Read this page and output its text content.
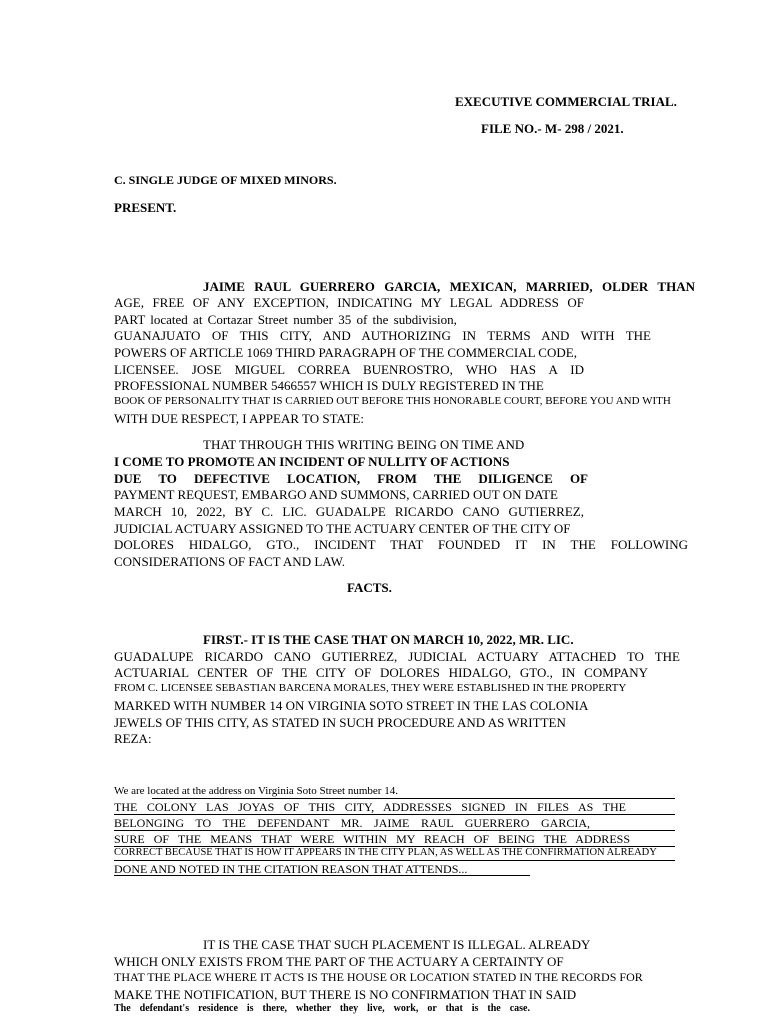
EXECUTIVE COMMERCIAL TRIAL.
FILE NO.- M- 298 / 2021.
C. SINGLE JUDGE OF MIXED MINORS.
PRESENT.
JAIME RAUL GUERRERO GARCIA, MEXICAN, MARRIED, OLDER THAN
AGE, FREE OF ANY EXCEPTION, INDICATING MY LEGAL ADDRESS OF
PART located at Cortazar Street number 35 of the subdivision,
GUANAJUATO OF THIS CITY, AND AUTHORIZING IN TERMS AND WITH THE
POWERS OF ARTICLE 1069 THIRD PARAGRAPH OF THE COMMERCIAL CODE,
LICENSEE. JOSE MIGUEL CORREA BUENROSTRO, WHO HAS A ID
PROFESSIONAL NUMBER 5466557 WHICH IS DULY REGISTERED IN THE
BOOK OF PERSONALITY THAT IS CARRIED OUT BEFORE THIS HONORABLE COURT, BEFORE YOU AND WITH
WITH DUE RESPECT, I APPEAR TO STATE:
THAT THROUGH THIS WRITING BEING ON TIME AND
I COME TO PROMOTE AN INCIDENT OF NULLITY OF ACTIONS
DUE TO DEFECTIVE LOCATION, FROM THE DILIGENCE OF
PAYMENT REQUEST, EMBARGO AND SUMMONS, CARRIED OUT ON DATE
MARCH 10, 2022, BY C. LIC. GUADALPE RICARDO CANO GUTIERREZ,
JUDICIAL ACTUARY ASSIGNED TO THE ACTUARY CENTER OF THE CITY OF
DOLORES HIDALGO, GTO., INCIDENT THAT FOUNDED IT IN THE FOLLOWING
CONSIDERATIONS OF FACT AND LAW.
FACTS.
FIRST.- IT IS THE CASE THAT ON MARCH 10, 2022, MR. LIC.
GUADALUPE RICARDO CANO GUTIERREZ, JUDICIAL ACTUARY ATTACHED TO THE
ACTUARIAL CENTER OF THE CITY OF DOLORES HIDALGO, GTO., IN COMPANY
FROM C. LICENSEE SEBASTIAN BARCENA MORALES, THEY WERE ESTABLISHED IN THE PROPERTY
MARKED WITH NUMBER 14 ON VIRGINIA SOTO STREET IN THE LAS COLONIA
JEWELS OF THIS CITY, AS STATED IN SUCH PROCEDURE AND AS WRITTEN
REZA:
We are located at the address on Virginia Soto Street number 14.
THE COLONY LAS JOYAS OF THIS CITY, ADDRESSES SIGNED IN FILES AS THE
BELONGING TO THE DEFENDANT MR. JAIME RAUL GUERRERO GARCIA,
SURE OF THE MEANS THAT WERE WITHIN MY REACH OF BEING THE ADDRESS
CORRECT BECAUSE THAT IS HOW IT APPEARS IN THE CITY PLAN, AS WELL AS THE CONFIRMATION ALREADY
DONE AND NOTED IN THE CITATION REASON THAT ATTENDS...
IT IS THE CASE THAT SUCH PLACEMENT IS ILLEGAL. ALREADY
WHICH ONLY EXISTS FROM THE PART OF THE ACTUARY A CERTAINTY OF
THAT THE PLACE WHERE IT ACTS IS THE HOUSE OR LOCATION STATED IN THE RECORDS FOR
MAKE THE NOTIFICATION, BUT THERE IS NO CONFIRMATION THAT IN SAID
The defendant's residence is there, whether they live, work, or that is the case.
